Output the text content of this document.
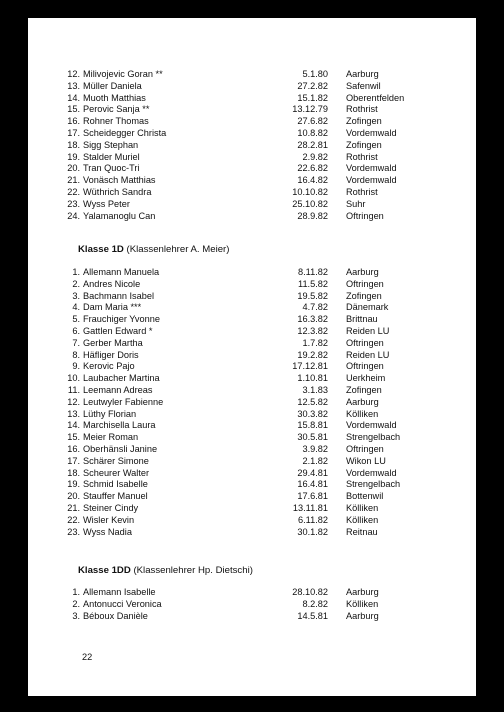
12. Milivojevic Goran **	5.1.80 Aarburg
13. Müller Daniela	27.2.82 Safenwil
14. Muoth Matthias	15.1.82 Oberentfelden
15. Perovic Sanja **	13.12.79 Rothrist
16. Rohner Thomas	27.6.82 Zofingen
17. Scheidegger Christa	10.8.82 Vordemwald
18. Sigg Stephan	28.2.81 Zofingen
19. Stalder Muriel	2.9.82 Rothrist
20. Tran Quoc-Tri	22.6.82 Vordemwald
21. Vonäsch Matthias	16.4.82 Vordemwald
22. Wüthrich Sandra	10.10.82 Rothrist
23. Wyss Peter	25.10.82 Suhr
24. Yalamanoglu Can	28.9.82 Oftringen
Klasse 1D (Klassenlehrer A. Meier)
1. Allemann Manuela	8.11.82 Aarburg
2. Andres Nicole	11.5.82 Oftringen
3. Bachmann Isabel	19.5.82 Zofingen
4. Dam Maria ***	4.7.82 Dänemark
5. Frauchiger Yvonne	16.3.82 Brittnau
6. Gattlen Edward *	12.3.82 Reiden LU
7. Gerber Martha	1.7.82 Oftringen
8. Häfliger Doris	19.2.82 Reiden LU
9. Kerovic Pajo	17.12.81 Oftringen
10. Laubacher Martina	1.10.81 Uerkheim
11. Leemann Adreas	3.1.83 Zofingen
12. Leutwyler Fabienne	12.5.82 Aarburg
13. Lüthy Florian	30.3.82 Kölliken
14. Marchisella Laura	15.8.81 Vordemwald
15. Meier Roman	30.5.81 Strengelbach
16. Oberhänsli Janine	3.9.82 Oftringen
17. Schärer Simone	2.1.82 Wikon LU
18. Scheurer Walter	29.4.81 Vordemwald
19. Schmid Isabelle	16.4.81 Strengelbach
20. Stauffer Manuel	17.6.81 Bottenwil
21. Steiner Cindy	13.11.81 Kölliken
22. Wisler Kevin	6.11.82 Kölliken
23. Wyss Nadia	30.1.82 Reitnau
Klasse 1DD (Klassenlehrer Hp. Dietschi)
1. Allemann Isabelle	28.10.82 Aarburg
2. Antonucci Veronica	8.2.82 Kölliken
3. Béboux Danièle	14.5.81 Aarburg
22
